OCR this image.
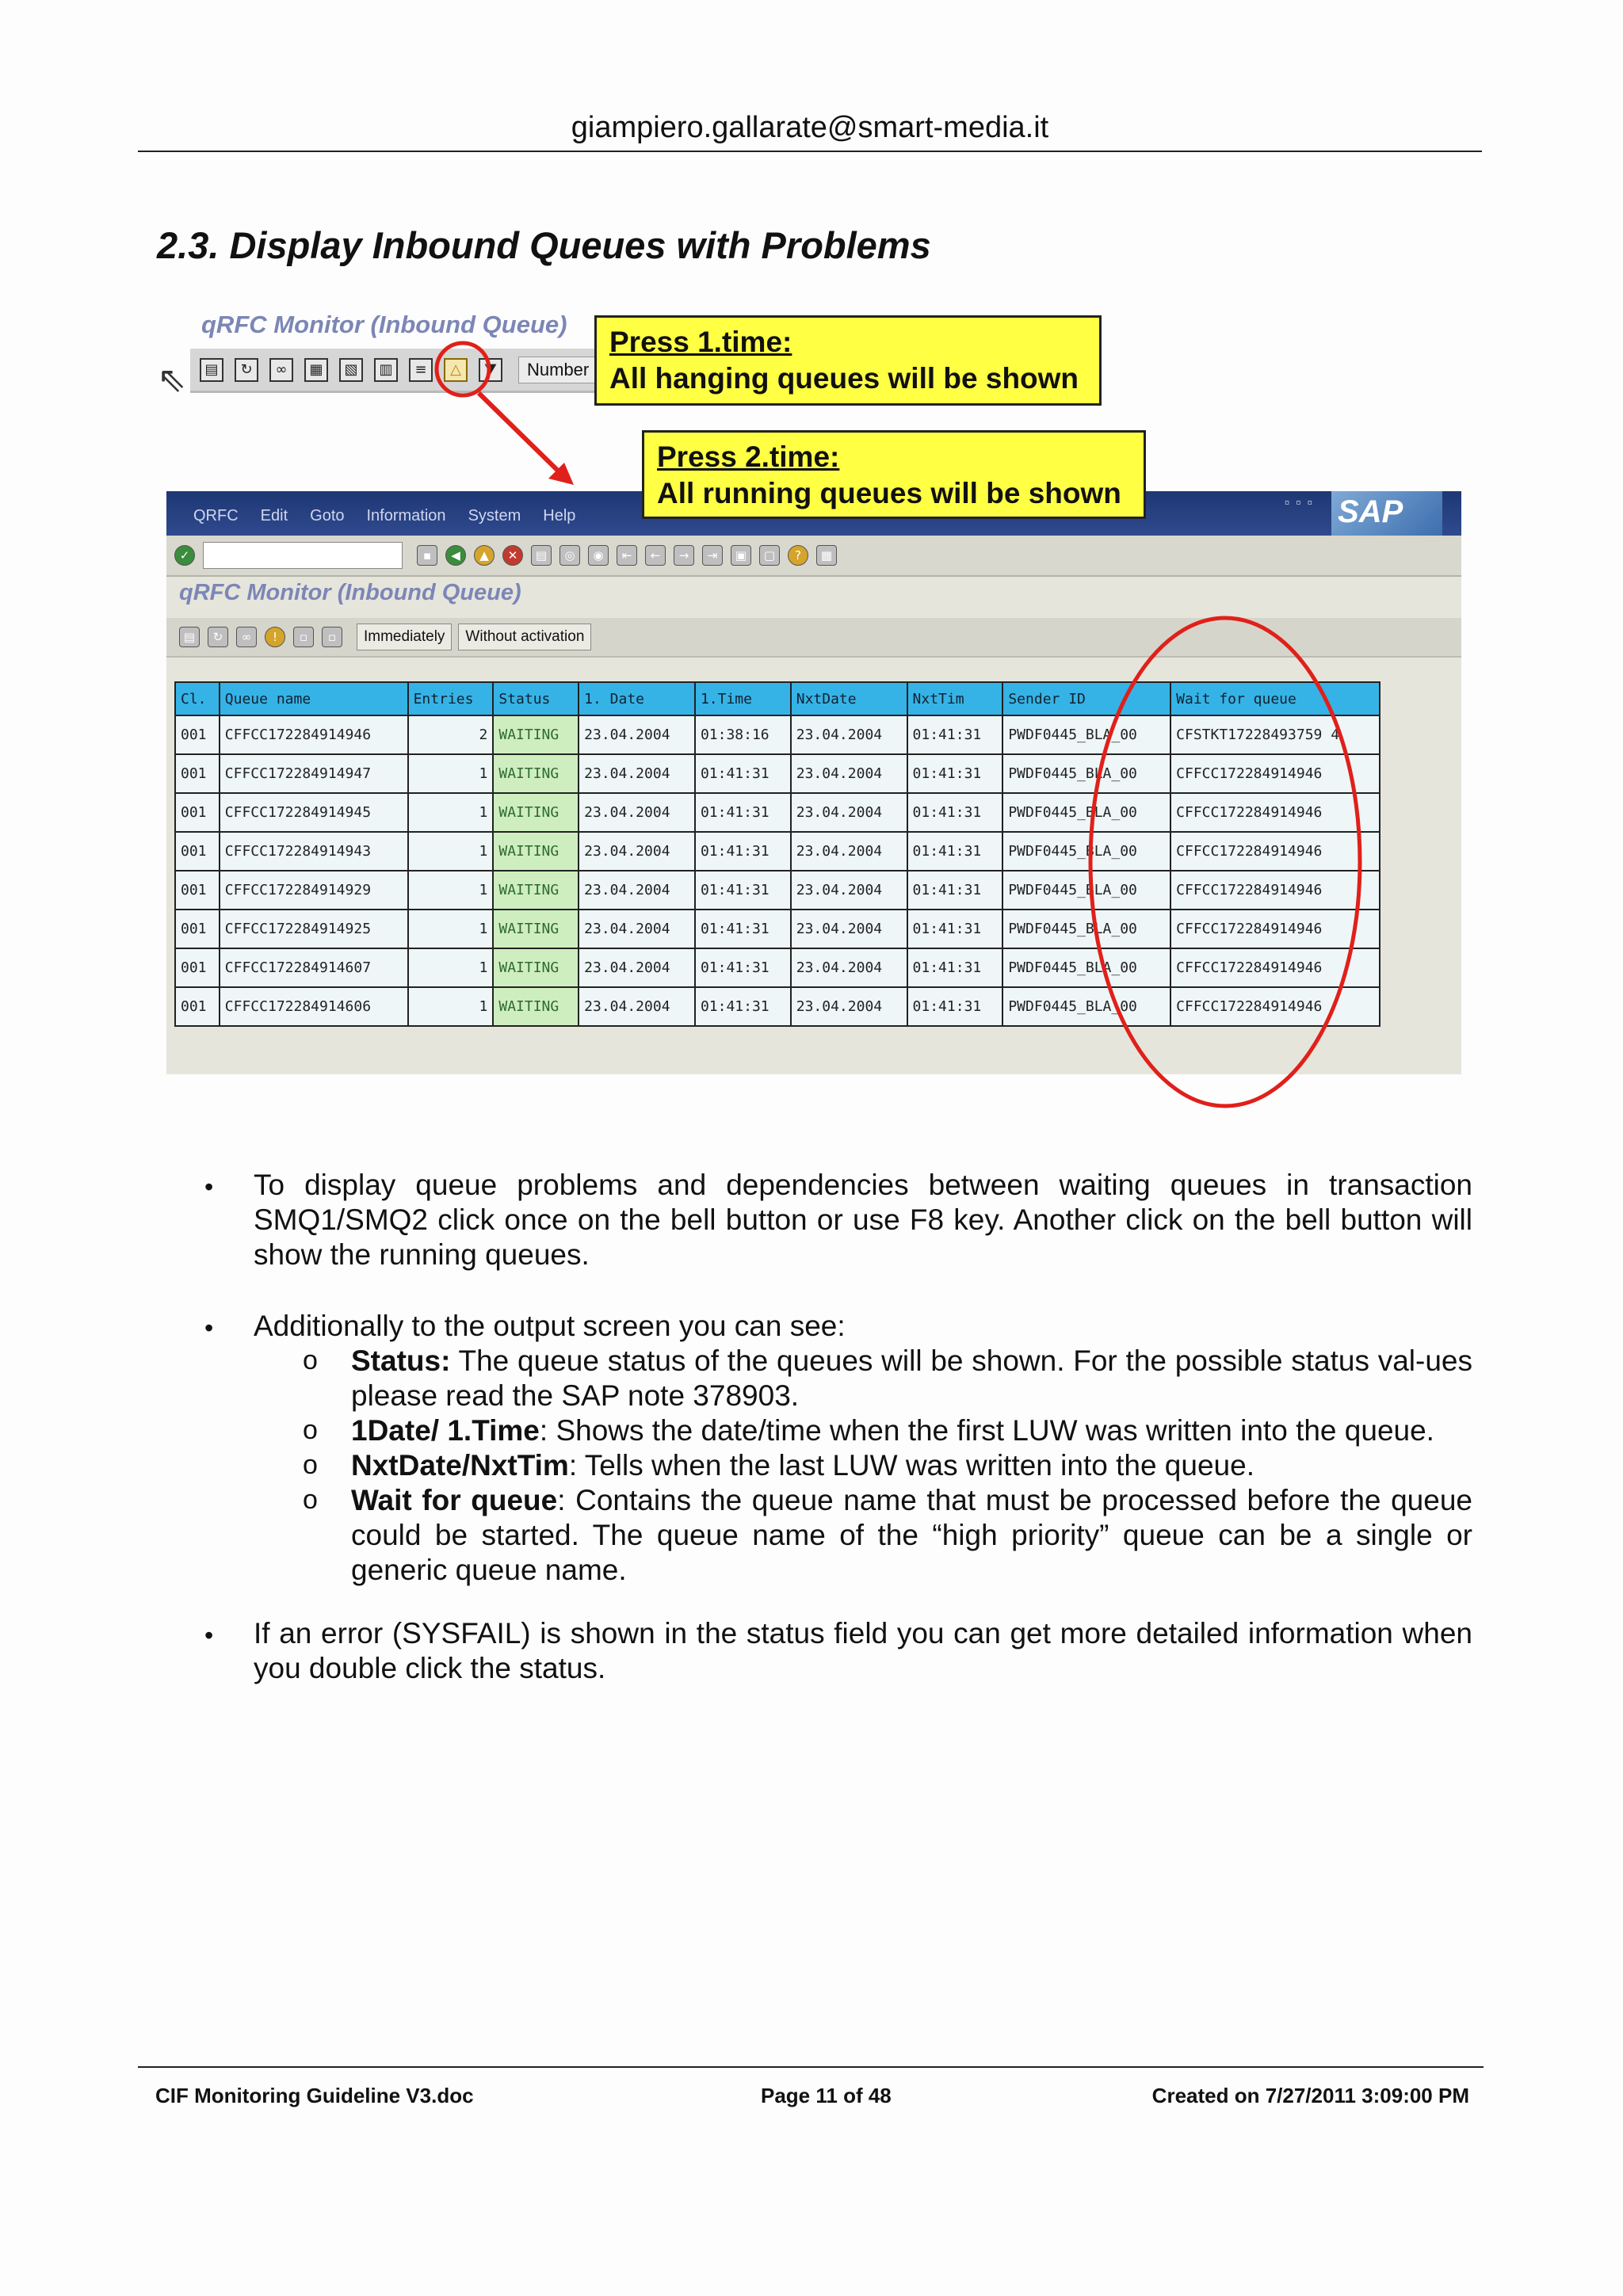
giampiero.gallarate@smart-media.it
2.3. Display Inbound Queues with Problems
qRFC Monitor (Inbound Queue)
⇖	▤	↻	∞	▦	▧	▥	≡	△	⧩	Number
Press 1.time:
All hanging queues will be shown
QRFC Edit Goto Information System Help
▫▫▫ SAP
✓	▪	◀	▲	✕	▤	◎	◉	⇤	←	→	⇥	▣	▢	?	▦
qRFC Monitor (Inbound Queue)
▤	↻	∞	!	▫	▫	Immediately	Without activation
Cl.	Queue name	Entries	Status	1. Date	1.Time	NxtDate	NxtTim	Sender ID	Wait for queue
001	CFFCC172284914946	2	WAITING	23.04.2004	01:38:16	23.04.2004	01:41:31	PWDF0445_BLA_00	CFSTKT17228493759 4
001	CFFCC172284914947	1	WAITING	23.04.2004	01:41:31	23.04.2004	01:41:31	PWDF0445_BLA_00	CFFCC172284914946
001	CFFCC172284914945	1	WAITING	23.04.2004	01:41:31	23.04.2004	01:41:31	PWDF0445_BLA_00	CFFCC172284914946
001	CFFCC172284914943	1	WAITING	23.04.2004	01:41:31	23.04.2004	01:41:31	PWDF0445_BLA_00	CFFCC172284914946
001	CFFCC172284914929	1	WAITING	23.04.2004	01:41:31	23.04.2004	01:41:31	PWDF0445_BLA_00	CFFCC172284914946
001	CFFCC172284914925	1	WAITING	23.04.2004	01:41:31	23.04.2004	01:41:31	PWDF0445_BLA_00	CFFCC172284914946
001	CFFCC172284914607	1	WAITING	23.04.2004	01:41:31	23.04.2004	01:41:31	PWDF0445_BLA_00	CFFCC172284914946
001	CFFCC172284914606	1	WAITING	23.04.2004	01:41:31	23.04.2004	01:41:31	PWDF0445_BLA_00	CFFCC172284914946
Press 2.time:
All running queues will be shown
• To display queue problems and dependencies between waiting queues in transaction SMQ1/SMQ2 click once on the bell button or use F8 key. Another click on the bell button will show the running queues.
• Additionally to the output screen you can see:
o Status: The queue status of the queues will be shown. For the possible status val-ues please read the SAP note 378903.
o 1Date/ 1.Time: Shows the date/time when the first LUW was written into the queue.
o NxtDate/NxtTim: Tells when the last LUW was written into the queue.
o Wait for queue: Contains the queue name that must be processed before the queue could be started. The queue name of the “high priority” queue can be a single or generic queue name.
• If an error (SYSFAIL) is shown in the status field you can get more detailed information when you double click the status.
CIF Monitoring Guideline V3.doc	Page 11 of 48	Created on 7/27/2011 3:09:00 PM
